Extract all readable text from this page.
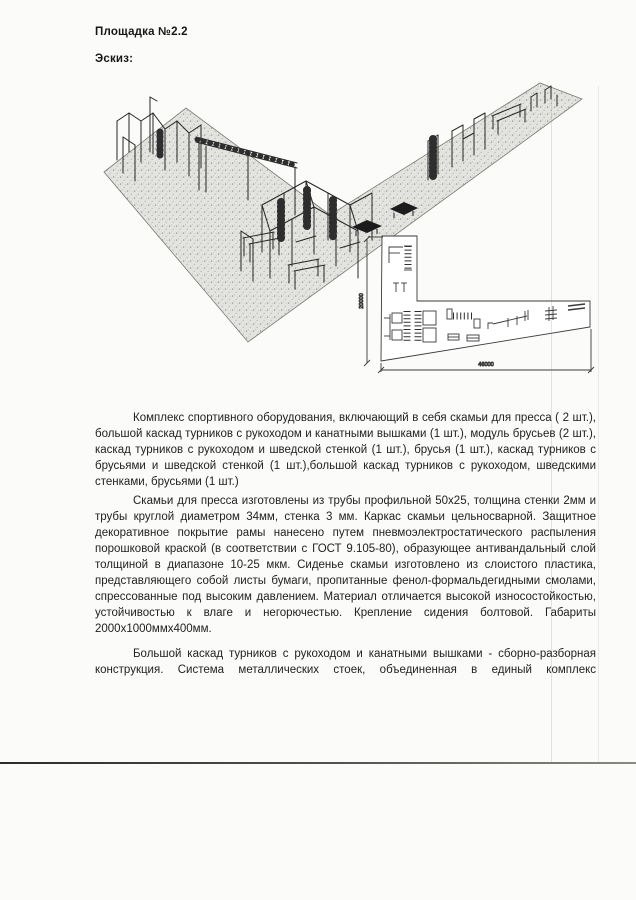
Площадка №2.2
Эскиз:
46000
20000

Комплекс спортивного оборудования, включающий в себя скамьи для пресса ( 2 шт.), большой каскад турников с рукоходом и канатными вышками (1 шт.), модуль брусьев (2 шт.), каскад турников с рукоходом и шведской стенкой (1 шт.), брусья (1 шт.), каскад турников с брусьями и шведской стенкой (1 шт.),большой каскад турников с рукоходом, шведскими стенками, брусьями (1 шт.)

Скамьи для пресса изготовлены из трубы профильной 50х25, толщина стенки 2мм и трубы круглой диаметром 34мм, стенка 3 мм. Каркас скамьи цельносварной. Защитное декоративное покрытие рамы нанесено путем пневмоэлектростатического распыления порошковой краской (в соответствии с ГОСТ 9.105-80), образующее антивандальный слой толщиной в диапазоне 10-25 мкм. Сиденье скамьи изготовлено из слоистого пластика, представляющего собой листы бумаги, пропитанные фенол-формальдегидными смолами, спрессованные под высоким давлением. Материал отличается высокой износостойкостью, устойчивостью к влаге и негорючестью. Крепление сидения болтовой. Габариты 2000х1000ммх400мм.

Большой каскад турников с рукоходом и канатными вышками - сборно-разборная конструкция. Система металлических стоек, объединенная в единый комплекс
